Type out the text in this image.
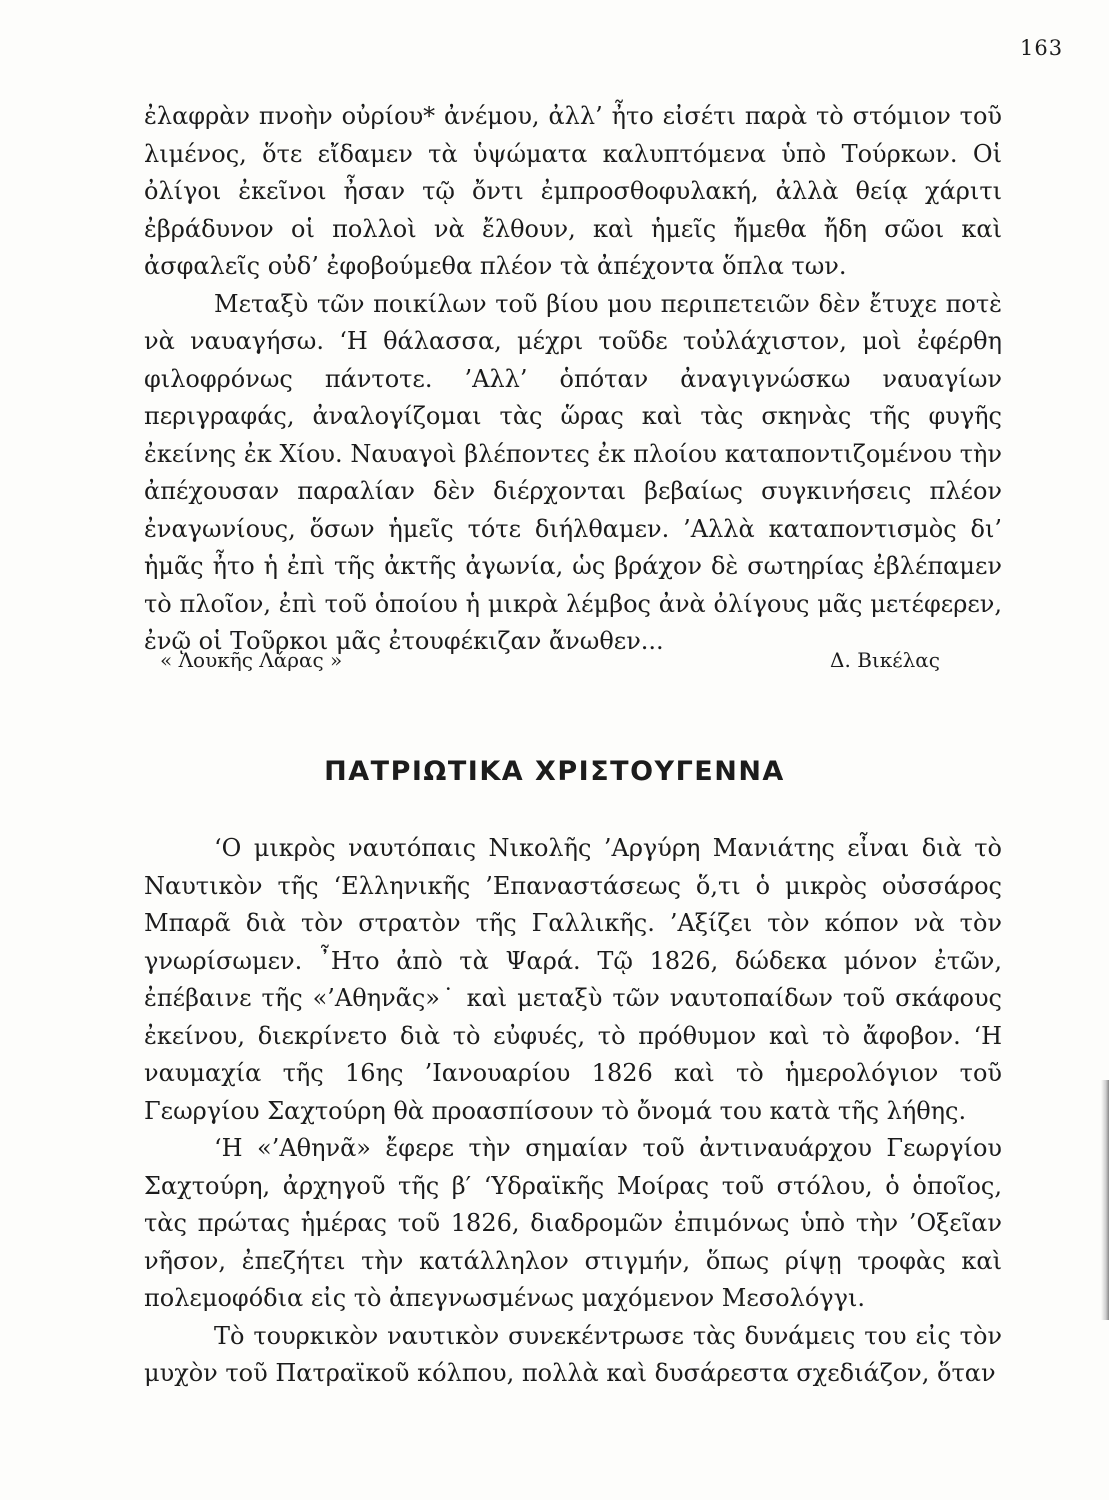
163

ἐλαφρὰν πνοὴν οὐρίου* ἀνέμου, ἀλλ’ ἦτο εἰσέτι παρὰ τὸ στόμιον τοῦ λιμένος, ὅτε εἴδαμεν τὰ ὑψώματα καλυπτόμενα ὑπὸ Τούρκων. Οἱ ὀλίγοι ἐκεῖνοι ἦσαν τῷ ὄντι ἐμπροσθοφυλακή, ἀλλὰ θείᾳ χάριτι ἐβράδυνον οἱ πολλοὶ νὰ ἔλθουν, καὶ ἡμεῖς ἤμεθα ἤδη σῶοι καὶ ἀσφαλεῖς οὐδ’ ἐφοβούμεθα πλέον τὰ ἀπέχοντα ὅπλα των.

Μεταξὺ τῶν ποικίλων τοῦ βίου μου περιπετειῶν δὲν ἔτυχε ποτὲ νὰ ναυαγήσω. ‘Η θάλασσα, μέχρι τοῦδε τοὐλάχιστον, μοὶ ἐφέρθη φιλοφρόνως πάντοτε. ’Αλλ’ ὁπόταν ἀναγιγνώσκω ναυαγίων περιγραφάς, ἀναλογίζομαι τὰς ὥρας καὶ τὰς σκηνὰς τῆς φυγῆς ἐκείνης ἐκ Χίου. Ναυαγοὶ βλέποντες ἐκ πλοίου καταποντιζομένου τὴν ἀπέχουσαν παραλίαν δὲν διέρχονται βεβαίως συγκινήσεις πλέον ἐναγωνίους, ὅσων ἡμεῖς τότε διήλθαμεν. ’Αλλὰ καταποντισμὸς δι’ ἡμᾶς ἦτο ἡ ἐπὶ τῆς ἀκτῆς ἀγωνία, ὡς βράχον δὲ σωτηρίας ἐβλέπαμεν τὸ πλοῖον, ἐπὶ τοῦ ὁποίου ἡ μικρὰ λέμβος ἀνὰ ὀλίγους μᾶς μετέφερεν, ἐνῷ οἱ Τοῦρκοι μᾶς ἐτουφέκιζαν ἄνωθεν...

« Λουκῆς Λάρας »	Δ. Βικέλας
ΠΑΤΡΙΩΤΙΚΑ ΧΡΙΣΤΟΥΓΕΝΝΑ

‘Ο μικρὸς ναυτόπαις Νικολῆς ’Αργύρη Μανιάτης εἶναι διὰ τὸ Ναυτικὸν τῆς ‘Ελληνικῆς ’Επαναστάσεως ὅ,τι ὁ μικρὸς οὐσσάρος Μπαρᾶ διὰ τὸν στρατὸν τῆς Γαλλικῆς. ’Αξίζει τὸν κόπον νὰ τὸν γνωρίσωμεν. ῏Ητο ἀπὸ τὰ Ψαρά. Τῷ 1826, δώδεκα μόνον ἐτῶν, ἐπέβαινε τῆς «’Αθηνᾶς»˙ καὶ μεταξὺ τῶν ναυτοπαίδων τοῦ σκάφους ἐκείνου, διεκρίνετο διὰ τὸ εὐφυές, τὸ πρόθυμον καὶ τὸ ἄφοβον. ‘Η ναυμαχία τῆς 16ης ’Ιανουαρίου 1826 καὶ τὸ ἡμερολόγιον τοῦ Γεωργίου Σαχτούρη θὰ προασπίσουν τὸ ὄνομά του κατὰ τῆς λήθης.

‘Η «’Αθηνᾶ» ἔφερε τὴν σημαίαν τοῦ ἀντιναυάρχου Γεωργίου Σαχτούρη, ἀρχηγοῦ τῆς β′ ‘Υδραϊκῆς Μοίρας τοῦ στόλου, ὁ ὁποῖος, τὰς πρώτας ἡμέρας τοῦ 1826, διαδρομῶν ἐπιμόνως ὑπὸ τὴν ’Οξεῖαν νῆσον, ἐπεζήτει τὴν κατάλληλον στιγμήν, ὅπως ρίψῃ τροφὰς καὶ πολεμοφόδια εἰς τὸ ἀπεγνωσμένως μαχόμενον Μεσολόγγι.

Τὸ τουρκικὸν ναυτικὸν συνεκέντρωσε τὰς δυνάμεις του εἰς τὸν μυχὸν τοῦ Πατραϊκοῦ κόλπου, πολλὰ καὶ δυσάρεστα σχεδιάζον, ὅταν
